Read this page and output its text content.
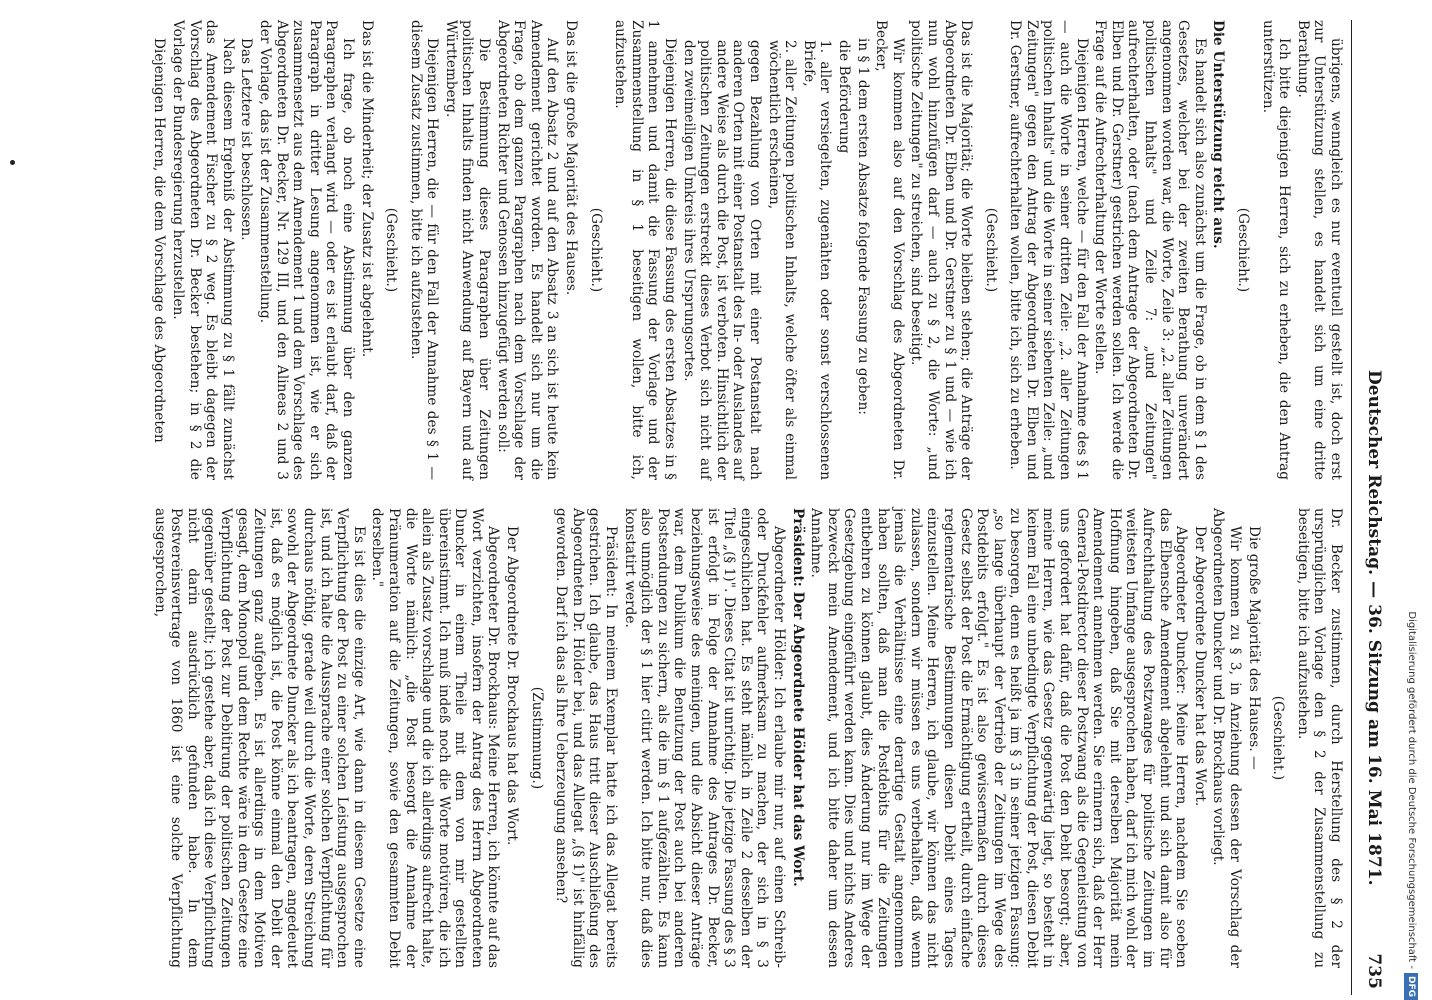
Deutscher Reichstag. — 36. Sitzung am 16. Mai 1871.
735

übrigens, wenngleich es nur eventuell gestellt ist, doch erst zur Unterstützung stellen, es handelt sich um eine dritte Berathung.

Ich bitte diejenigen Herren, sich zu erheben, die den Antrag unterstützen.

(Geschieht.)

Die Unterstützung reicht aus.

Es handelt sich also zunächst um die Frage, ob in dem § 1 des Gesetzes, welcher bei der zweiten Berathung unverändert angenommen worden war, die Worte, Zeile 3: „2. aller Zeitungen politischen Inhalts" und Zeile 7: „und Zeitungen" aufrechterhalten, oder (nach dem Antrage der Abgeordneten Dr. Elben und Dr. Gerstner) gestrichen werden sollen. Ich werde die Frage auf die Aufrechterhaltung der Worte stellen.

Diejenigen Herren, welche — für den Fall der Annahme des § 1 — auch die Worte in seiner dritten Zeile: „2. aller Zeitungen politischen Inhalts" und die Worte in seiner siebenten Zeile: „und Zeitungen" gegen den Antrag der Abgeordneten Dr. Elben und Dr. Gerstner, aufrechterhalten wollen, bitte ich, sich zu erheben.

(Geschieht.)

Das ist die Majorität; die Worte bleiben stehen; die Anträge der Abgeordneten Dr. Elben und Dr. Gerstner zu § 1 und — wie ich nun wohl hinzufügen darf — auch zu § 2, die Worte: „und politische Zeitungen" zu streichen, sind beseitigt.

Wir kommen also auf den Vorschlag des Abgeordneten Dr. Becker,

in § 1 dem ersten Absatze folgende Fassung zu geben:

die Beförderung

1. aller versiegelten, zugenähten oder sonst verschlossenen Briefe,

2. aller Zeitungen politischen Inhalts, welche öfter als einmal wöchentlich erscheinen,

gegen Bezahlung von Orten mit einer Postanstalt nach anderen Orten mit einer Postanstalt des In- oder Auslandes auf andere Weise als durch die Post, ist verboten. Hinsichtlich der politischen Zeitungen erstreckt dieses Verbot sich nicht auf den zweimeiligen Umkreis ihres Ursprungsortes.

Diejenigen Herren, die diese Fassung des ersten Absatzes in § 1 annehmen und damit die Fassung der Vorlage und der Zusammenstellung in § 1 beseitigen wollen, bitte ich, aufzustehen.

(Geschieht.)

Das ist die große Majorität des Hauses.

Auf den Absatz 2 und auf den Absatz 3 an sich ist heute kein Amendement gerichtet worden. Es handelt sich nur um die Frage, ob dem ganzen Paragraphen nach dem Vorschlage der Abgeordneten Richter und Genossen hinzugefügt werden soll:

Die Bestimmung dieses Paragraphen über Zeitungen politischen Inhalts finden nicht Anwendung auf Bayern und auf Württemberg.

Diejenigen Herren, die — für den Fall der Annahme des § 1 — diesem Zusatz zustimmen, bitte ich aufzustehen.

(Geschieht.)

Das ist die Minderheit; der Zusatz ist abgelehnt.

Ich frage, ob noch eine Abstimmung über den ganzen Paragraphen verlangt wird — oder es ist erlaubt darf, daß der Paragraph in dritter Lesung angenommen ist, wie er sich zusammensetzt aus dem Amendement 1 und dem Vorschlage des Abgeordneten Dr. Becker, Nr. 129 III, und den Alineas 2 und 3 der Vorlage, das ist der Zusammenstellung.

Das Letztere ist beschlossen.

Nach diesem Ergebniß der Abstimmung zu § 1 fällt zunächst das Amendement Fischer zu § 2 weg. Es bleibt dagegen der Vorschlag des Abgeordneten Dr. Becker bestehen; in § 2 die Vorlage der Bundesregierung herzustellen.

Diejenigen Herren, die dem Vorschlage des Abgeordneten

Dr. Becker zustimmen, durch Herstellung des § 2 der ursprünglichen Vorlage den § 2 der Zusammenstellung zu beseitigen, bitte ich aufzustehen.

(Geschieht.)

Die große Majorität des Hauses. —

Wir kommen zu § 3, in Anziehung dessen der Vorschlag der Abgeordneten Duncker und Dr. Brockhaus vorliegt.

Der Abgeordnete Duncker hat das Wort.

Abgeordneter Duncker: Meine Herren, nachdem Sie soeben das Elbensche Amendement abgelehnt und sich damit also für Aufrechthaltung des Postzwanges für politische Zeitungen im weitesten Umfange ausgesprochen haben, darf ich mich wohl der Hoffnung hingeben, daß Sie mit derselben Majorität mein Amendement annehmen werden. Sie erinnern sich, daß der Herr General-Postdirector dieser Postzwang als die Gegenleistung von uns gefordert hat dafür, daß die Post den Debit besorgt; aber, meine Herren, wie das Gesetz gegenwärtig liegt, so besteht in keinem Fall eine unbedingte Verpflichtung der Post, diesen Debit zu besorgen, denn es heißt ja im § 3 in seiner jetzigen Fassung: „so lange überhaupt der Vertrieb der Zeitungen im Wege des Postdebits erfolgt." Es ist also gewissermaßen durch dieses Gesetz selbst der Post die Ermächtigung ertheilt, durch einfache reglementarische Bestimmungen diesen Debit eines Tages einzustellen. Meine Herren, ich glaube, wir können das nicht zulassen, sondern wir müssen es uns verbehalten, daß wenn jemals die Verhältnisse eine derartige Gestalt angenommen haben sollten, daß man die Postdebits für die Zeitungen entbehren zu können glaubt, dies Änderung nur im Wege der Gesetzgebung eingeführt werden kann. Dies und nichts Anderes bezweckt mein Amendement, und ich bitte daher um dessen Annahme.

Präsident: Der Abgeordnete Hölder hat das Wort.

Abgeordneter Hölder: Ich erlaube mir nur, auf einen Schreib- oder Druckfehler aufmerksam zu machen, der sich in § 3 eingeschlichen hat. Es steht nämlich in Zeile 2 desselben der Titel „(§ 1)". Dieses Citat ist unrichtig. Die jetzige Fassung des § 3 ist erfolgt in Folge der Annahme des Antrages Dr. Becker, beziehungsweise des meinigen, und die Absicht dieser Anträge war, dem Publikum die Benutzung der Post auch bei anderen Postsendungen zu sichern, als die im § 1 aufgezählten. Es kann also unmöglich der § 1 hier citirt werden. Ich bitte nur, daß dies konstatirt werde.

Präsident: In meinem Exemplar hatte ich das Allegat bereits gestrichen. Ich glaube, das Haus tritt dieser Auschließung des Abgeordneten Dr. Hölder bei, und das Allegat „(§ 1)" ist hinfällig geworden. Darf ich das als Ihre Ueberzeugung ansehen?

(Zustimmung.)

Der Abgeordnete Dr. Brockhaus hat das Wort.

Abgeordneter Dr. Brockhaus: Meine Herren, ich könnte auf das Wort verzichten, insofern der Antrag des Herrn Abgeordneten Duncker in einem Theile mit dem von mir gestellten übereinstimmt. Ich muß indeß noch die Worte motiviren, die ich allein als Zusatz vorschlage und die ich allerdings aufrecht halte, die Worte nämlich: „die Post besorgt die Annahme der Pränumeration auf die Zeitungen, sowie den gesammten Debit derselben."

Es ist dies die einzige Art, wie dann in diesem Gesetze eine Verpflichtung der Post zu einer solchen Leistung ausgesprochen ist, und ich halte die Aussprache einer solchen Verpflichtung für durchaus nöthig, gerade weil durch die Worte, deren Streichung sowohl der Abgeordnete Duncker als ich beantragen, angedeutet ist, daß es möglich ist, die Post könne einmal den Debit der Zeitungen ganz aufgeben. Es ist allerdings in dem Motiven gesagt, dem Monopol und dem Rechte wäre in dem Gesetze eine Verpflichtung der Post zur Debitirung der politischen Zeitungen gegenüber gestellt; ich gestehe aber, daß ich diese Verpflichtung nicht darin ausdrücklich gefunden habe. In dem Postvereinsvertrage von 1860 ist eine solche Verpflichtung ausgesprochen,

Digitalisierung gefördert durch die Deutsche Forschungsgemeinschaft -DFG
